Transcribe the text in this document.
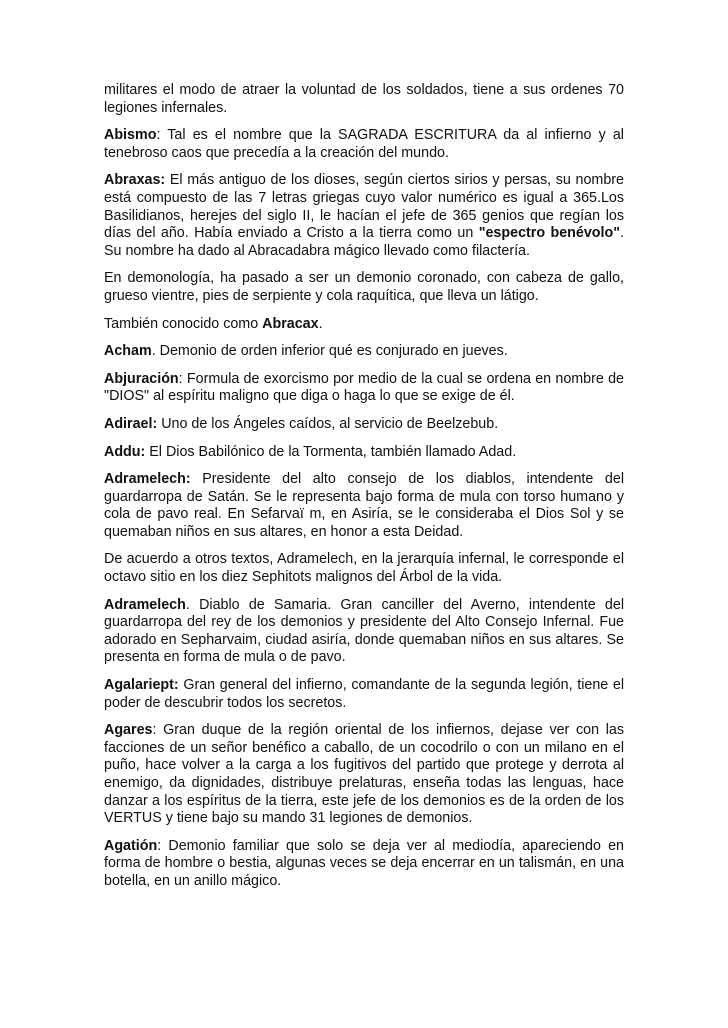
militares el modo de atraer la voluntad de los soldados, tiene a sus ordenes 70 legiones infernales.

Abismo: Tal es el nombre que la SAGRADA ESCRITURA da al infierno y al tenebroso caos que precedía a la creación del mundo.

Abraxas: El más antiguo de los dioses, según ciertos sirios y persas, su nombre está compuesto de las 7 letras griegas cuyo valor numérico es igual a 365.Los Basilidianos, herejes del siglo II, le hacían el jefe de 365 genios que regían los días del año. Había enviado a Cristo a la tierra como un "espectro benévolo". Su nombre ha dado al Abracadabra mágico llevado como filactería.

En demonología, ha pasado a ser un demonio coronado, con cabeza de gallo, grueso vientre, pies de serpiente y cola raquítica, que lleva un látigo.

También conocido como Abracax.

Acham. Demonio de orden inferior qué es conjurado en jueves.

Abjuración: Formula de exorcismo por medio de la cual se ordena en nombre de "DIOS" al espíritu maligno que diga o haga lo que se exige de él.

Adirael: Uno de los Ángeles caídos, al servicio de Beelzebub.

Addu: El Dios Babilónico de la Tormenta, también llamado Adad.

Adramelech: Presidente del alto consejo de los diablos, intendente del guardarropa de Satán. Se le representa bajo forma de mula con torso humano y cola de pavo real. En Sefarvaï m, en Asiría, se le consideraba el Dios Sol y se quemaban niños en sus altares, en honor a esta Deidad.

De acuerdo a otros textos, Adramelech, en la jerarquía infernal, le corresponde el octavo sitio en los diez Sephitots malignos del Árbol de la vida.

Adramelech. Diablo de Samaria. Gran canciller del Averno, intendente del guardarropa del rey de los demonios y presidente del Alto Consejo Infernal. Fue adorado en Sepharvaim, ciudad asiría, donde quemaban niños en sus altares. Se presenta en forma de mula o de pavo.

Agalariept: Gran general del infierno, comandante de la segunda legión, tiene el poder de descubrir todos los secretos.

Agares: Gran duque de la región oriental de los infiernos, dejase ver con las facciones de un señor benéfico a caballo, de un cocodrilo o con un milano en el puño, hace volver a la carga a los fugitivos del partido que protege y derrota al enemigo, da dignidades, distribuye prelaturas, enseña todas las lenguas, hace danzar a los espíritus de la tierra, este jefe de los demonios es de la orden de los VERTUS y tiene bajo su mando 31 legiones de demonios.

Agatión: Demonio familiar que solo se deja ver al mediodía, apareciendo en forma de hombre o bestia, algunas veces se deja encerrar en un talismán, en una botella, en un anillo mágico.
